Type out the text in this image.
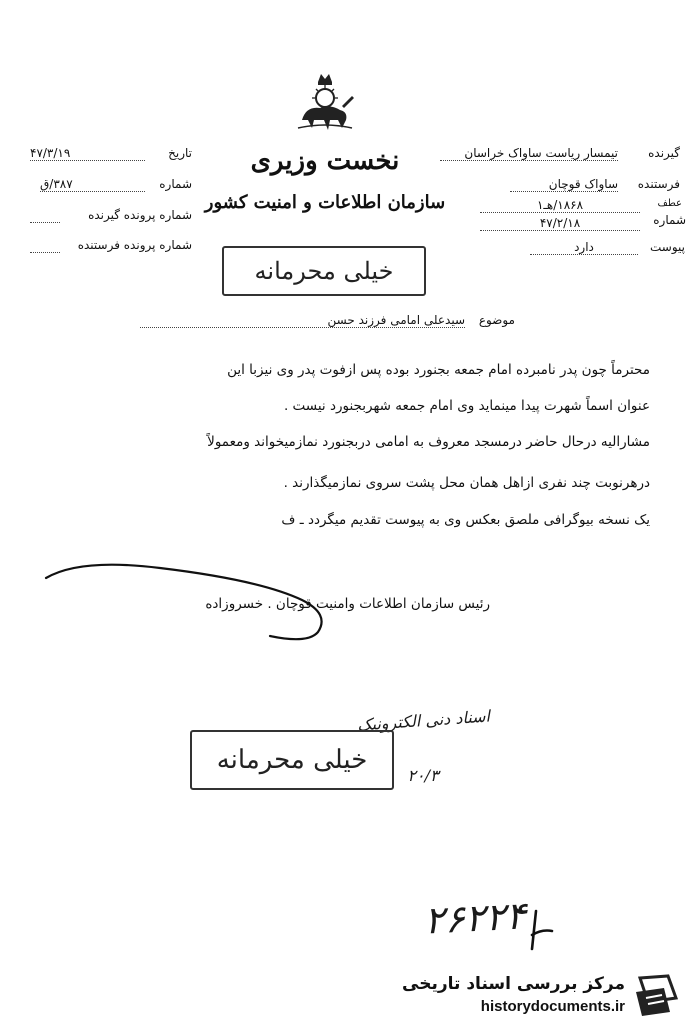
نخست وزیری
سازمان اطلاعات و امنیت کشور
تاریخ
۴۷/۳/۱۹
شماره
۳۸۷/ق
شماره پرونده گیرنده
شماره پرونده فرستنده
گیرنده
تیمسار ریاست ساواک خراسان
فرستنده
ساواک قوچان
عطف
شماره
۱۸۶۸/هـ۱
۴۷/۲/۱۸
پیوست
دارد
خیلی محرمانه
موضوع
سیدعلی امامی فرزند حسن
محترماً چون پدر نامبرده امام جمعه بجنورد بوده پس ازفوت پدر وی نیزبا این
عنوان اسماً شهرت پیدا مینماید وی امام جمعه شهربجنورد نیست .
مشارالیه درحال حاضر درمسجد معروف به امامی دربجنورد نمازمیخواند ومعمولاً
درهرنوبت چند نفری ازاهل همان محل پشت سروی نمازمیگذارند .
یک نسخه بیوگرافی ملصق بعکس وی به پیوست تقدیم میگردد ـ ف
رئیس سازمان اطلاعات وامنیت قوچان . خسروزاده
اسناد دنی الکترونیک
خیلی محرمانه
۲۰/۳
۲۶۲۲۴
مرکز بررسی اسناد تاریخی
historydocuments.ir
